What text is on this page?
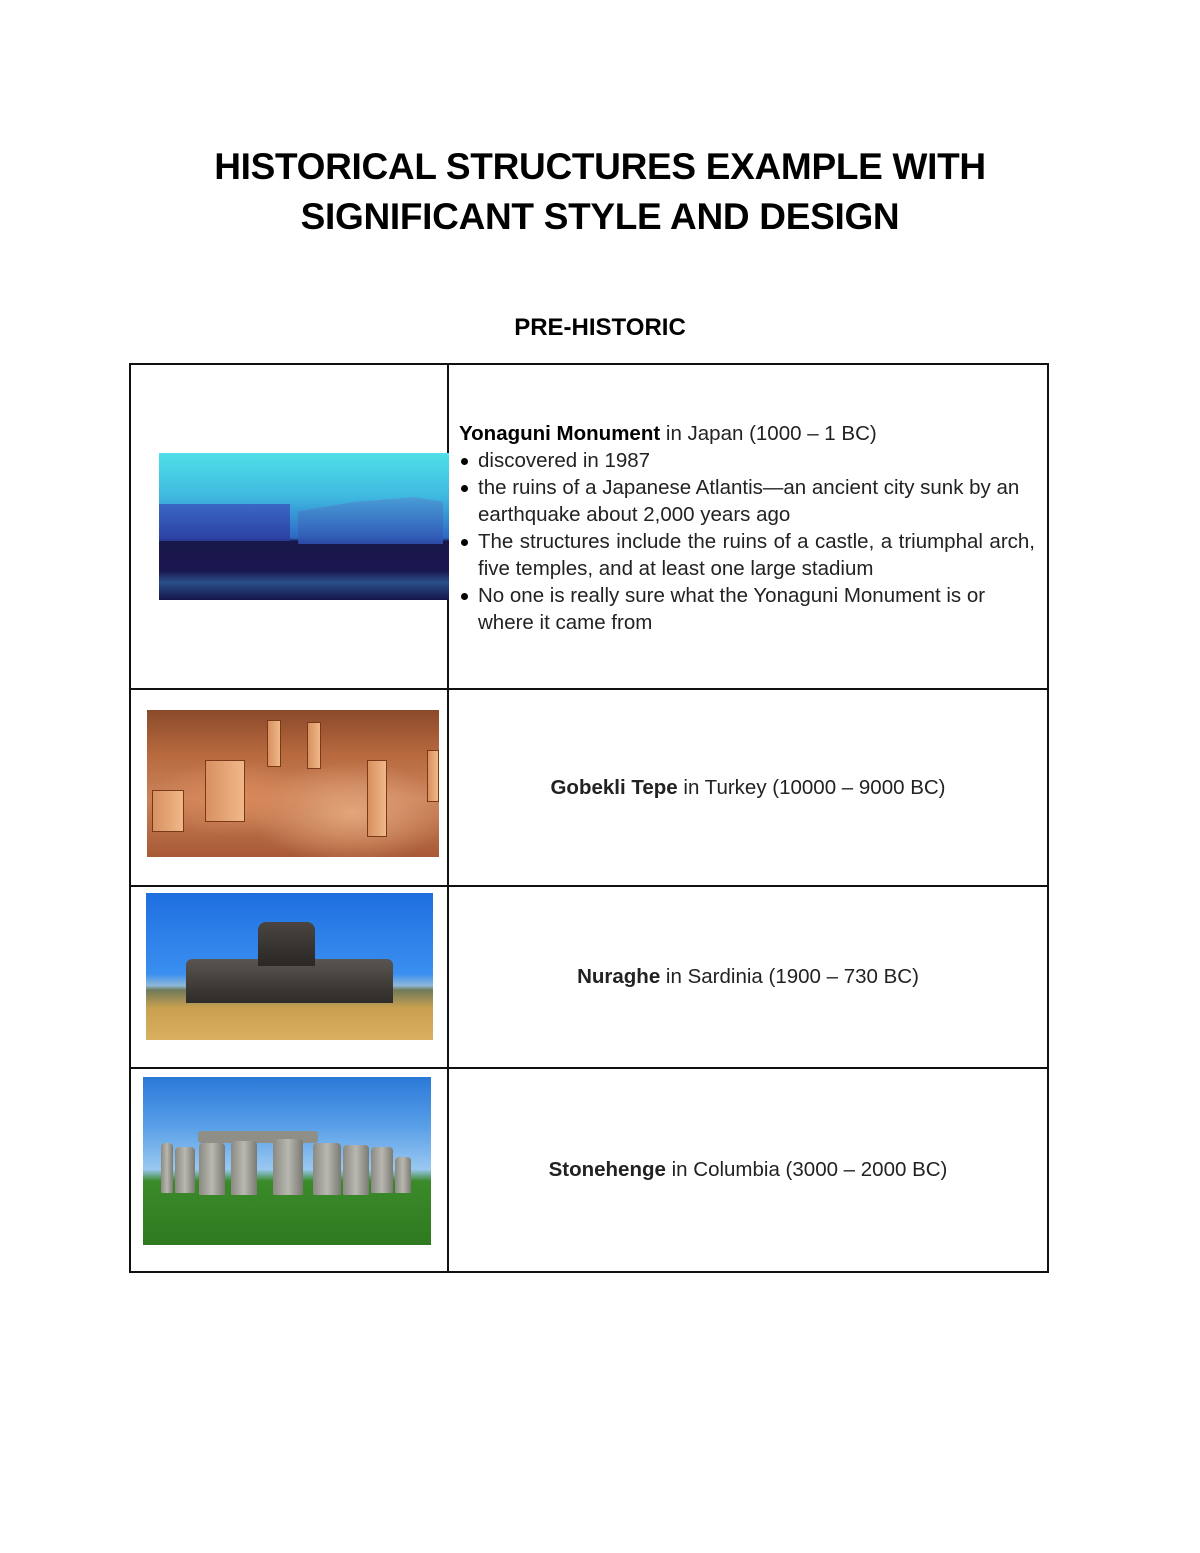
HISTORICAL STRUCTURES EXAMPLE WITH
SIGNIFICANT STYLE AND DESIGN
PRE-HISTORIC

Yonaguni Monument in Japan (1000 – 1 BC)
discovered in 1987
the ruins of a Japanese Atlantis—an ancient city sunk by an earthquake about 2,000 years ago
The structures include the ruins of a castle, a triumphal arch, five temples, and at least one large stadium
No one is really sure what the Yonaguni Monument is or where it came from

	Gobekli Tepe in Turkey (10000 – 9000 BC)

	Nuraghe in Sardinia (1900 – 730 BC)

	Stonehenge in Columbia (3000 – 2000 BC)
